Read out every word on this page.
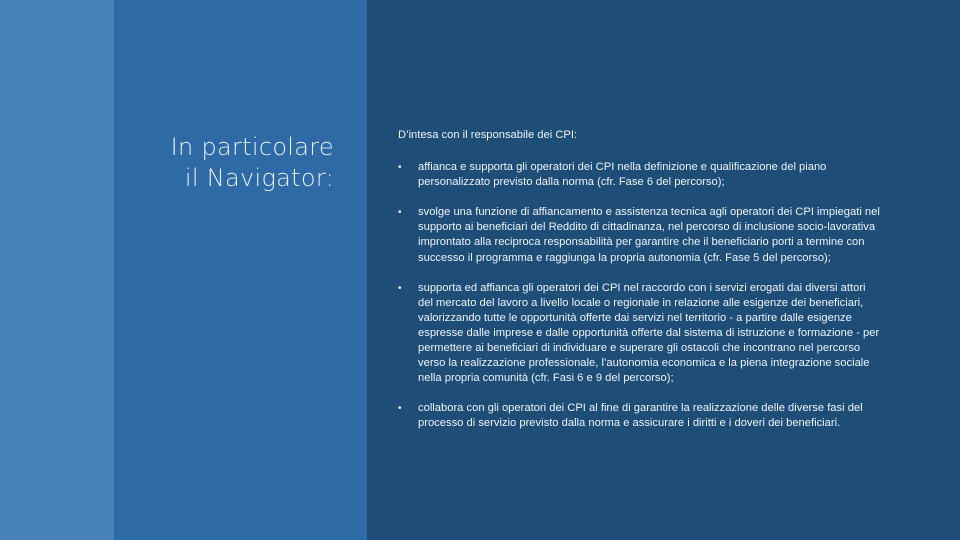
In particolare
il Navigator:

D’intesa con il responsabile dei CPI:

• affianca e supporta gli operatori dei CPI nella definizione e qualificazione del piano personalizzato previsto dalla norma (cfr. Fase 6 del percorso);
• svolge una funzione di affiancamento e assistenza tecnica agli operatori dei CPI impiegati nel supporto ai beneficiari del Reddito di cittadinanza, nel percorso di inclusione socio-lavorativa improntato alla reciproca responsabilità per garantire che il beneficiario porti a termine con successo il programma e raggiunga la propria autonomia (cfr. Fase 5 del percorso);
• supporta ed affianca gli operatori dei CPI nel raccordo con i servizi erogati dai diversi attori del mercato del lavoro a livello locale o regionale in relazione alle esigenze dei beneficiari, valorizzando tutte le opportunità offerte dai servizi nel territorio - a partire dalle esigenze espresse dalle imprese e dalle opportunità offerte dal sistema di istruzione e formazione - per permettere ai beneficiari di individuare e superare gli ostacoli che incontrano nel percorso verso la realizzazione professionale, l’autonomia economica e la piena integrazione sociale nella propria comunità (cfr. Fasi 6 e 9 del percorso);
• collabora con gli operatori dei CPI al fine di garantire la realizzazione delle diverse fasi del processo di servizio previsto dalla norma e assicurare i diritti e i doveri dei beneficiari.
